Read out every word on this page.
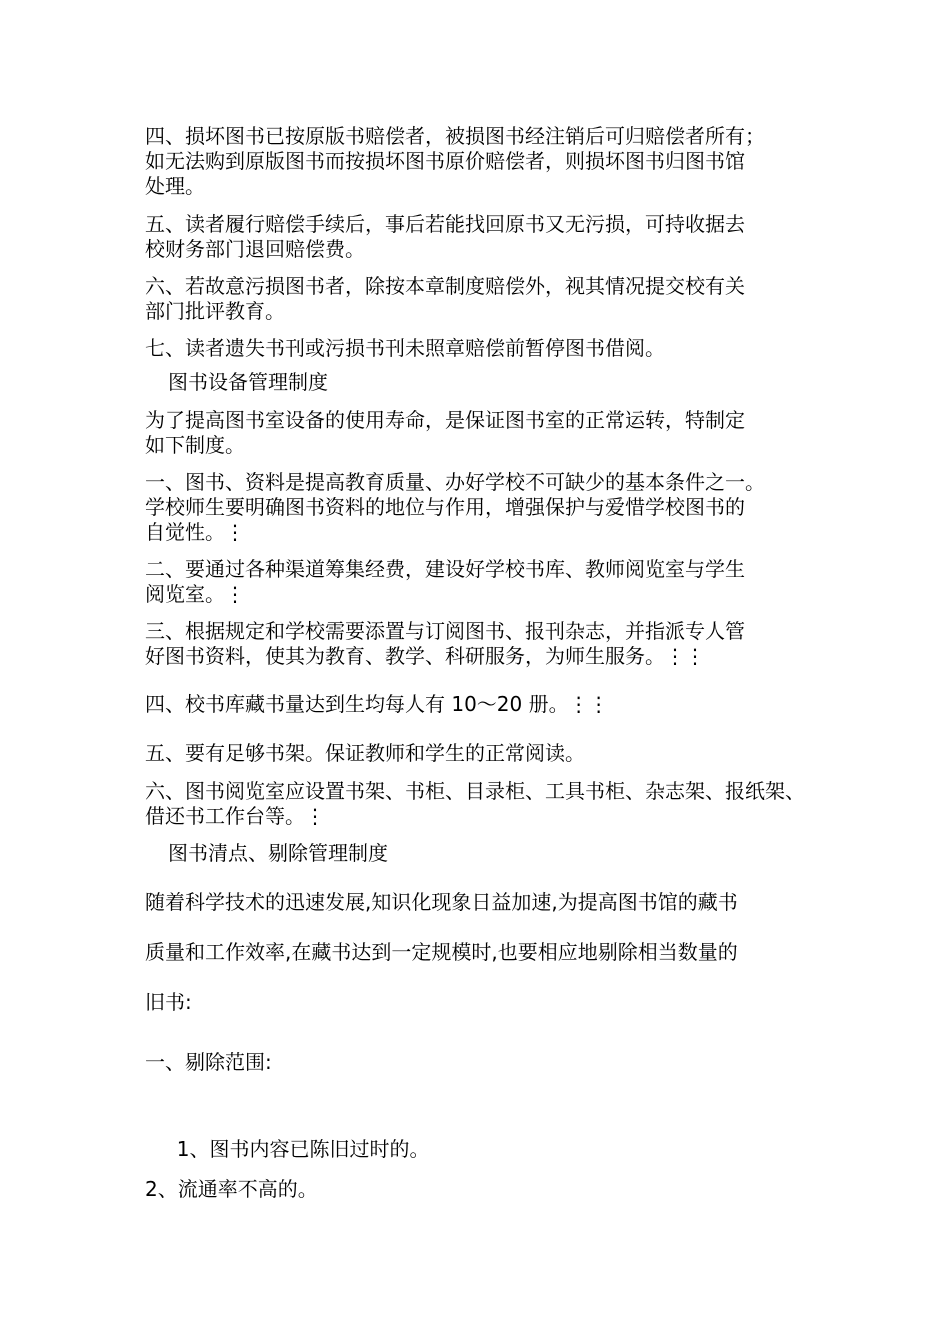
四、损坏图书已按原版书赔偿者，被损图书经注销后可归赔偿者所有；
如无法购到原版图书而按损坏图书原价赔偿者，则损坏图书归图书馆
处理。

五、读者履行赔偿手续后，事后若能找回原书又无污损，可持收据去
校财务部门退回赔偿费。

六、若故意污损图书者，除按本章制度赔偿外，视其情况提交校有关
部门批评教育。

七、读者遗失书刊或污损书刊未照章赔偿前暂停图书借阅。

图书设备管理制度

为了提高图书室设备的使用寿命，是保证图书室的正常运转，特制定
如下制度。

一、图书、资料是提高教育质量、办好学校不可缺少的基本条件之一。
学校师生要明确图书资料的地位与作用，增强保护与爱惜学校图书的
自觉性。⋮

二、要通过各种渠道筹集经费，建设好学校书库、教师阅览室与学生
阅览室。⋮

三、根据规定和学校需要添置与订阅图书、报刊杂志，并指派专人管
好图书资料，使其为教育、教学、科研服务，为师生服务。⋮⋮

四、校书库藏书量达到生均每人有 10～20 册。⋮⋮

五、要有足够书架。保证教师和学生的正常阅读。

六、图书阅览室应设置书架、书柜、目录柜、工具书柜、杂志架、报纸架、
借还书工作台等。⋮

图书清点、剔除管理制度

随着科学技术的迅速发展,知识化现象日益加速,为提高图书馆的藏书

质量和工作效率,在藏书达到一定规模时,也要相应地剔除相当数量的

旧书:

一、剔除范围:

1、图书内容已陈旧过时的。

2、流通率不高的。
